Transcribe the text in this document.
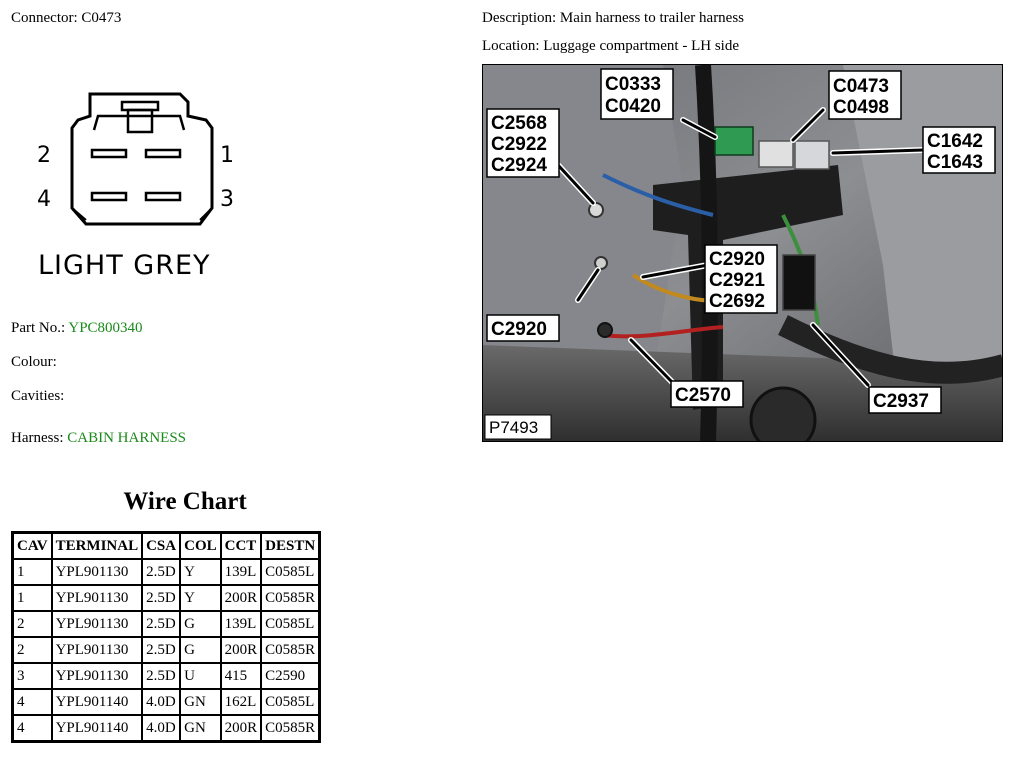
Connector: C0473	Description: Main harness to trailer harness
Location: Luggage compartment - LH side
2	1
4	3
LIGHT GREY
Part No.: YPC800340
Colour:
Cavities:
Harness: CABIN HARNESS
Wire Chart
CAV	TERMINAL	CSA	COL	CCT	DESTN
1	YPL901130	2.5D	Y	139L	C0585L
1	YPL901130	2.5D	Y	200R	C0585R
2	YPL901130	2.5D	G	139L	C0585L
2	YPL901130	2.5D	G	200R	C0585R
3	YPL901130	2.5D	U	415	C2590
4	YPL901140	4.0D	GN	162L	C0585L
4	YPL901140	4.0D	GN	200R	C0585R
C0333
C0420
C0473
C0498
C2568
C2922
C2924
C1642
C1643
C2920
C2921
C2692
C2920
C2570	C2937
P7493
